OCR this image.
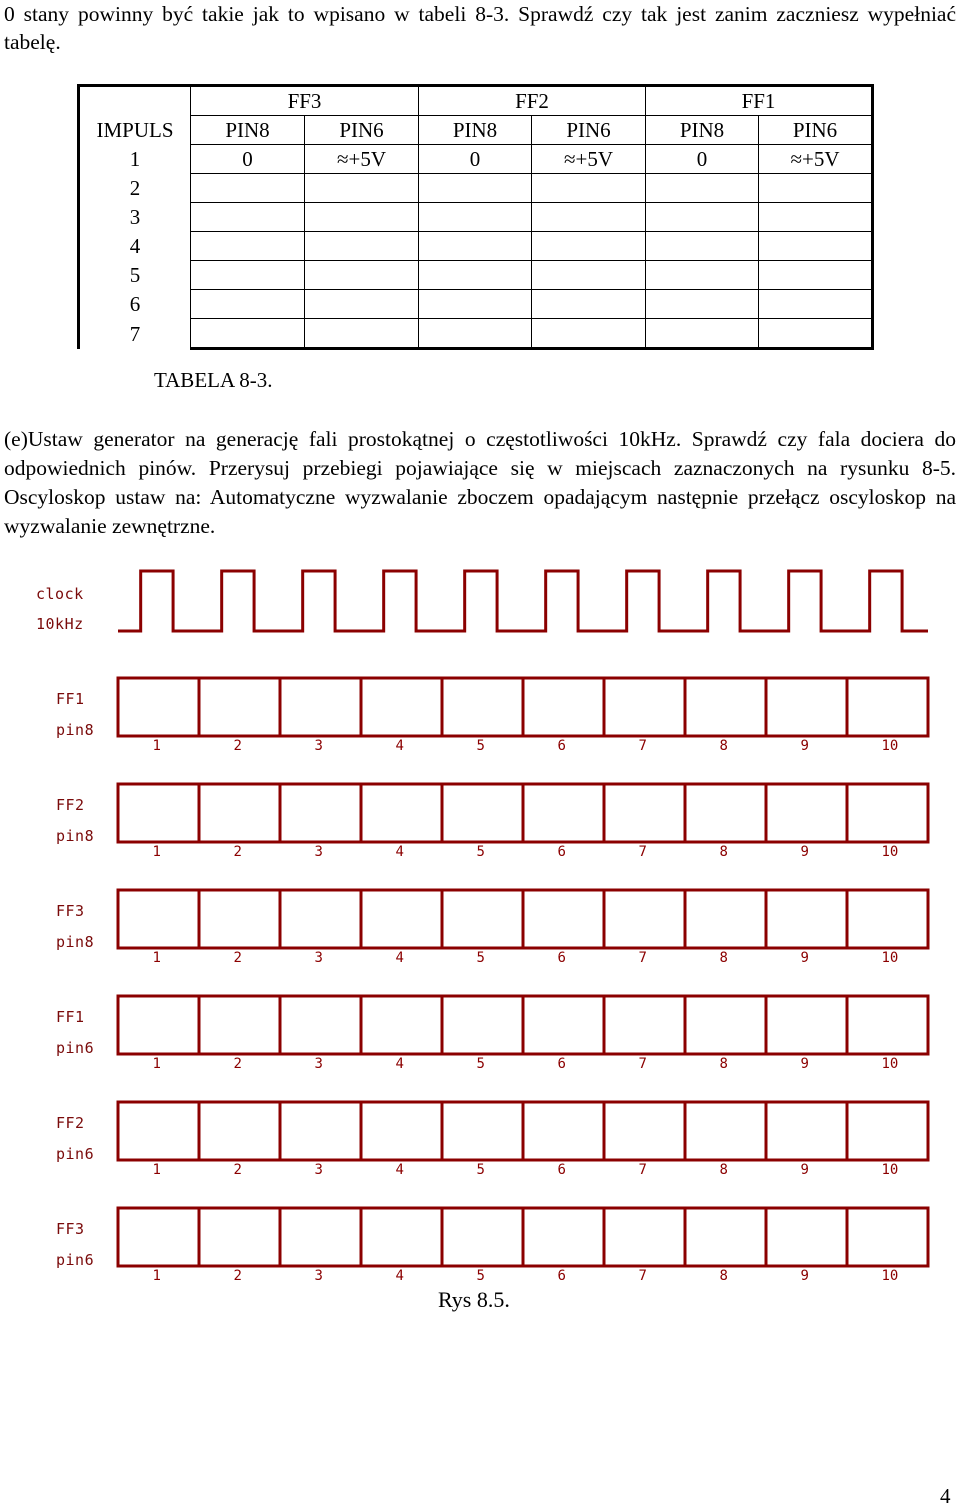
0 stany powinny być takie jak to wpisano w tabeli 8-3. Sprawdź czy tak jest zanim zaczniesz wypełniać tabelę.
	FF3		FF2		FF1	
IMPULS	PIN8	PIN6	PIN8	PIN6	PIN8	PIN6
1	0	≈+5V	0	≈+5V	0	≈+5V
2						
3						
4						
5						
6						
7						
TABELA 8-3.
(e)Ustaw generator na generację fali prostokątnej o częstotliwości 10kHz. Sprawdź czy fala dociera do odpowiednich pinów. Przerysuj przebiegi pojawiające się w miejscach zaznaczonych na rysunku 8-5. Oscyloskop ustaw na: Automatyczne wyzwalanie zboczem opadającym następnie przełącz oscyloskop na wyzwalanie zewnętrzne.
clock
10kHz
FF1
pin8
FF2
pin8
FF3
pin8
FF1
pin6
FF2
pin6
FF3
pin6
1	2	3	4	5	6	7	8	9	10
1	2	3	4	5	6	7	8	9	10
1	2	3	4	5	6	7	8	9	10
1	2	3	4	5	6	7	8	9	10
1	2	3	4	5	6	7	8	9	10
1	2	3	4	5	6	7	8	9	10
Rys 8.5.
4
